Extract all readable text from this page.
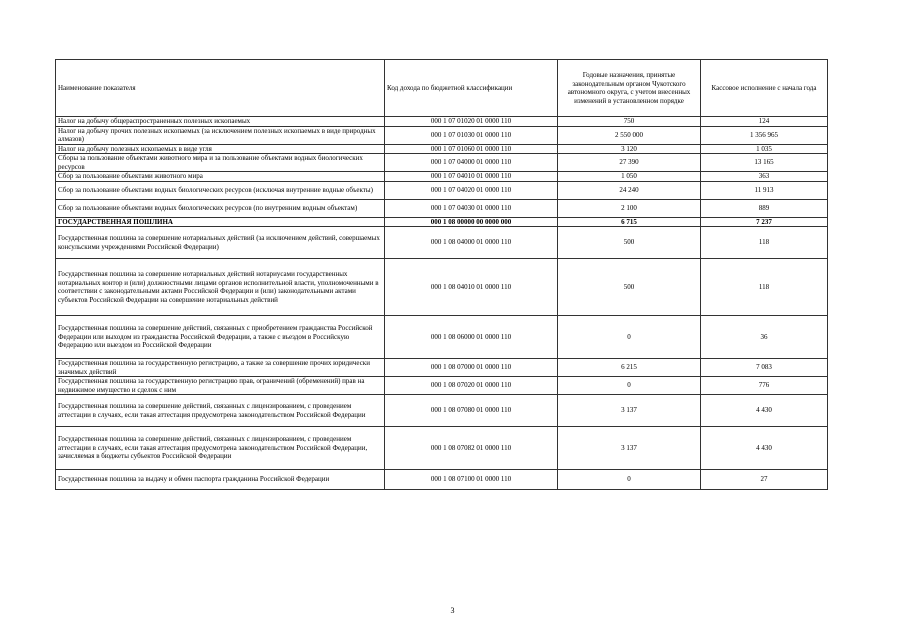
Наименование показателя	Код дохода по бюджетной классификации	Годовые назначения, принятые законодательным органом Чукотского автономного округа, с учетом внесенных изменений в установленном порядке	Кассовое исполнение с начала года
Налог на добычу общераспространенных полезных ископаемых	000 1 07 01020 01 0000 110	750	124
Налог на добычу прочих полезных ископаемых (за исключением полезных ископаемых в виде природных алмазов)	000 1 07 01030 01 0000 110	2 550 000	1 356 965
Налог на добычу полезных ископаемых в виде угля	000 1 07 01060 01 0000 110	3 120	1 035
Сборы за пользование объектами животного мира и за пользование объектами водных биологических ресурсов	000 1 07 04000 01 0000 110	27 390	13 165
Сбор за пользование объектами животного мира	000 1 07 04010 01 0000 110	1 050	363
Сбор за пользование объектами водных биологических ресурсов (исключая внутренние водные объекты)	000 1 07 04020 01 0000 110	24 240	11 913
Сбор за пользование объектами водных биологических ресурсов (по внутренним водным объектам)	000 1 07 04030 01 0000 110	2 100	889
ГОСУДАРСТВЕННАЯ ПОШЛИНА	000 1 08 00000 00 0000 000	6 715	7 237
Государственная пошлина за совершение нотариальных действий (за исключением действий, совершаемых консульскими учреждениями Российской Федерации)	000 1 08 04000 01 0000 110	500	118
Государственная пошлина за совершение нотариальных действий нотариусами государственных нотариальных контор и (или) должностными лицами органов исполнительной власти, уполномоченными в соответствии с законодательными актами Российской Федерации и (или) законодательными актами субъектов Российской Федерации на совершение нотариальных действий	000 1 08 04010 01 0000 110	500	118
Государственная пошлина за совершение действий, связанных с приобретением гражданства Российской Федерации или выходом из гражданства Российской Федерации, а также с въездом в Российскую Федерацию или выездом из Российской Федерации	000 1 08 06000 01 0000 110	0	36
Государственная пошлина за государственную регистрацию, а также за совершение прочих юридически значимых действий	000 1 08 07000 01 0000 110	6 215	7 083
Государственная пошлина за государственную регистрацию прав, ограничений (обременений) прав на недвижимое имущество и сделок с ним	000 1 08 07020 01 0000 110	0	776
Государственная пошлина за совершение действий, связанных с лицензированием, с проведением аттестации в случаях, если такая аттестация предусмотрена законодательством Российской Федерации	000 1 08 07080 01 0000 110	3 137	4 430
Государственная пошлина за совершение действий, связанных с лицензированием, с проведением аттестации в случаях, если такая аттестация предусмотрена законодательством Российской Федерации, зачисляемая в бюджеты субъектов Российской Федерации	000 1 08 07082 01 0000 110	3 137	4 430
Государственная пошлина за выдачу и обмен паспорта гражданина Российской Федерации	000 1 08 07100 01 0000 110	0	27
3
